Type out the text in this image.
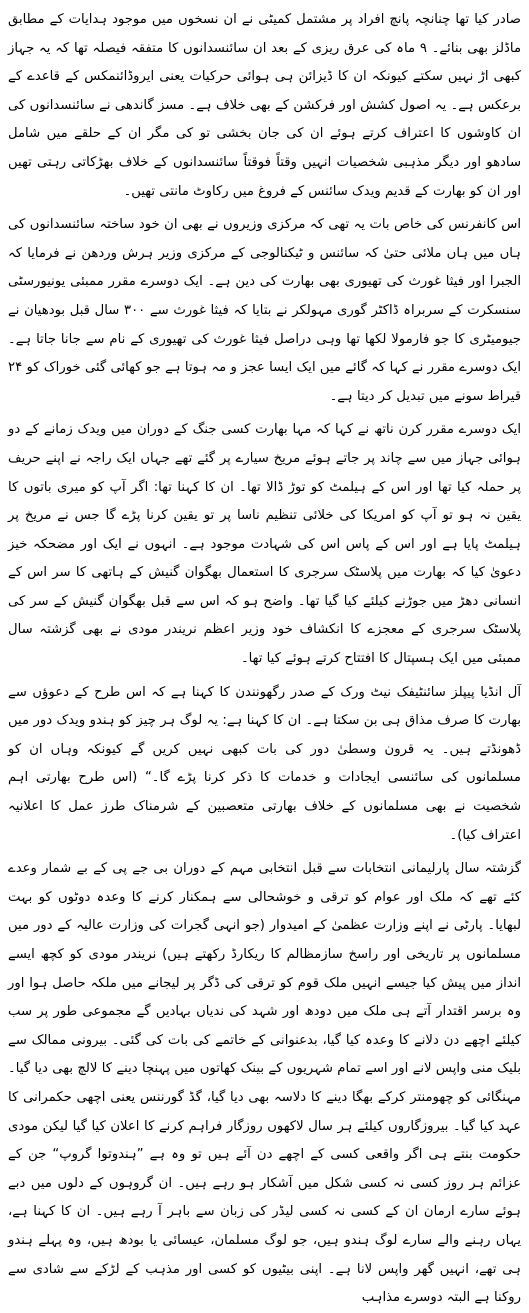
صادر کیا تھا چنانچہ پانچ افراد پر مشتمل کمیٹی نے ان نسخوں میں موجود ہدایات کے مطابق ماڈلز بھی بنائے۔ ۹ ماہ کی عرق ریزی کے بعد ان سائنسدانوں کا متفقہ فیصلہ تھا کہ یہ جہاز کبھی اڑ نہیں سکتے کیونکہ ان کا ڈیزائن ہی ہوائی حرکیات یعنی ایروڈائنمکس کے قاعدے کے برعکس ہے۔ یہ اصول کشش اور فرکشن کے بھی خلاف ہے۔ مسز گاندھی نے سائنسدانوں کی ان کاوشوں کا اعتراف کرتے ہوئے ان کی جان بخشی تو کی مگر ان کے حلقے میں شامل سادھو اور دیگر مذہبی شخصیات انہیں وقتاً فوقتاً سائنسدانوں کے خلاف بھڑکاتی رہتی تھیں اور ان کو بھارت کے قدیم ویدک سائنس کے فروغ میں رکاوٹ مانتی تھیں۔

اس کانفرنس کی خاص بات یہ تھی کہ مرکزی وزیروں نے بھی ان خود ساختہ سائنسدانوں کی ہاں میں ہاں ملائی حتیٰ کہ سائنس و ٹیکنالوجی کے مرکزی وزیر ہرش وردھن نے فرمایا کہ الجبرا اور فیثا غورث کی تھیوری بھی بھارت کی دین ہے۔ ایک دوسرے مقرر ممبئی یونیورسٹی سنسکرت کے سربراہ ڈاکٹر گوری مہولکر نے بتایا کہ فیثا غورث سے ۳۰۰ سال قبل بودھیان نے جیومیٹری کا جو فارمولا لکھا تھا وہی دراصل فیثا غورث کی تھیوری کے نام سے جانا جاتا ہے۔ ایک دوسرے مقرر نے کہا کہ گائے میں ایک ایسا عجز و مہ ہوتا ہے جو کھائی گئی خوراک کو ۲۴ قیراط سونے میں تبدیل کر دیتا ہے۔

ایک دوسرے مقرر کرن ناتھ نے کہا کہ مہا بھارت کسی جنگ کے دوران میں ویدک زمانے کے دو ہوائی جہاز میں سے چاند پر جاتے ہوئے مریخ سیارے پر گئے تھے جہاں ایک راجہ نے اپنے حریف پر حملہ کیا تھا اور اس کے ہیلمٹ کو توڑ ڈالا تھا۔ ان کا کہنا تھا: اگر آپ کو میری باتوں کا یقین نہ ہو تو آپ کو امریکا کی خلائی تنظیم ناسا پر تو یقین کرنا پڑے گا جس نے مریخ پر ہیلمٹ پایا ہے اور اس کے پاس اس کی شہادت موجود ہے۔ انہوں نے ایک اور مضحکہ خیز دعویٰ کیا کہ بھارت میں پلاسٹک سرجری کا استعمال بھگوان گنیش کے ہاتھی کا سر اس کے انسانی دھڑ میں جوڑنے کیلئے کیا گیا تھا۔ واضح ہو کہ اس سے قبل بھگوان گنیش کے سر کی پلاسٹک سرجری کے معجزے کا انکشاف خود وزیر اعظم نریندر مودی نے بھی گزشتہ سال ممبئی میں ایک ہسپتال کا افتتاح کرتے ہوئے کیا تھا۔

آل انڈیا پیپلز سائنٹیفک نیٹ ورک کے صدر رگھونندن کا کہنا ہے کہ اس طرح کے دعوؤں سے بھارت کا صرف مذاق ہی بن سکتا ہے۔ ان کا کہنا ہے: یہ لوگ ہر چیز کو ہندو ویدک دور میں ڈھونڈتے ہیں۔ یہ قرون وسطیٰ دور کی بات کبھی نہیں کریں گے کیونکہ وہاں ان کو مسلمانوں کی سائنسی ایجادات و خدمات کا ذکر کرنا پڑے گا۔“ (اس طرح بھارتی اہم شخصیت نے بھی مسلمانوں کے خلاف بھارتی متعصبین کے شرمناک طرز عمل کا اعلانیہ اعتراف کیا)۔

گزشتہ سال پارلیمانی انتخابات سے قبل انتخابی مہم کے دوران بی جے پی کے بے شمار وعدے کئے تھے کہ ملک اور عوام کو ترقی و خوشحالی سے ہمکنار کرنے کا وعدہ دوٹوں کو بہت لبھایا۔ پارٹی نے اپنے وزارت عظمیٰ کے امیدوار (جو انہی گجرات کی وزارت عالیہ کے دور میں مسلمانوں پر تاریخی اور راسخ سازمظالم کا ریکارڈ رکھتے ہیں) نریندر مودی کو کچھ ایسے انداز میں پیش کیا جیسے انہیں ملک قوم کو ترقی کی ڈگر پر لیجانے میں ملکہ حاصل ہوا اور وہ برسر اقتدار آتے ہی ملک میں دودھ اور شہد کی ندیاں بہادیں گے مجموعی طور پر سب کیلئے اچھے دن دلانے کا وعدہ کیا گیا، بدعنوانی کے خاتمے کی بات کی گئی۔ بیرونی ممالک سے بلیک منی واپس لانے اور اسے تمام شہریوں کے بینک کھاتوں میں پہنچا دینے کا لالچ بھی دیا گیا۔ مہنگائی کو چھومنتر کرکے بھگا دینے کا دلاسہ بھی دیا گیا، گڈ گورننس یعنی اچھی حکمرانی کا عہد کیا گیا۔ بیروزگاروں کیلئے ہر سال لاکھوں روزگار فراہم کرنے کا اعلان کیا گیا لیکن مودی حکومت بنتے ہی اگر واقعی کسی کے اچھے دن آئے ہیں تو وہ ہے ”ہندوتوا گروپ“ جن کے عزائم ہر روز کسی نہ کسی شکل میں آشکار ہو رہے ہیں۔ ان گروہوں کے دلوں میں دبے ہوئے سارے ارمان ان کے کسی نہ کسی لیڈر کی زبان سے باہر آ رہے ہیں۔ ان کا کہنا ہے، یہاں رہنے والے سارے لوگ ہندو ہیں، جو لوگ مسلمان، عیسائی یا بودھ ہیں، وہ پہلے ہندو ہی تھے، انہیں گھر واپس لانا ہے۔ اپنی بیٹیوں کو کسی اور مذہب کے لڑکے سے شادی سے روکنا ہے البتہ دوسرے مذاہب
